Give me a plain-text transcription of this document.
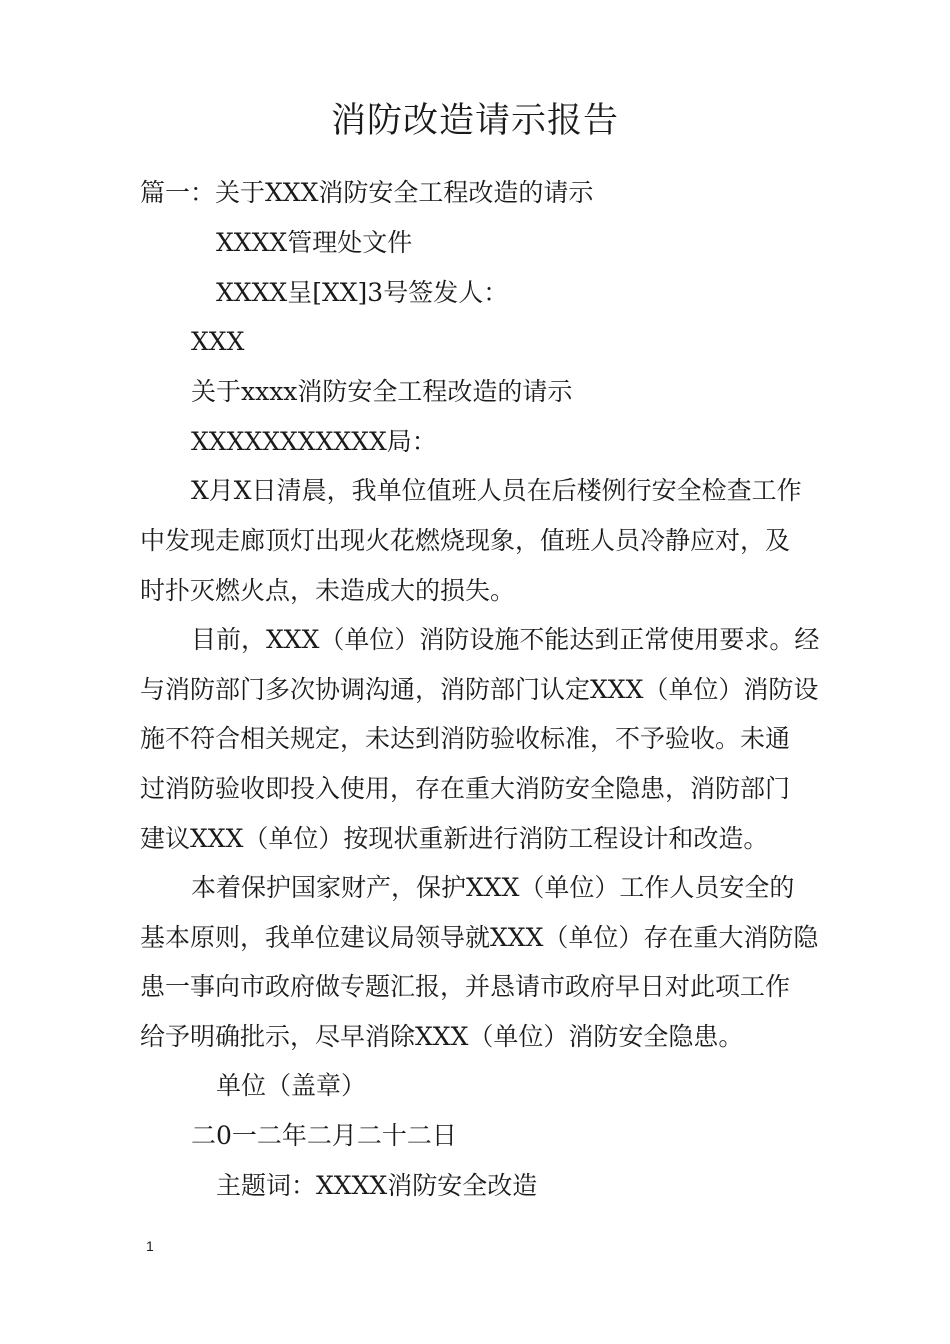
消防改造请示报告
篇一：关于XXX消防安全工程改造的请示
XXXX管理处文件
XXXX呈[XX]3号签发人：
XXX
关于xxxx消防安全工程改造的请示
XXXXXXXXXXX局：
X月X日清晨，我单位值班人员在后楼例行安全检查工作
中发现走廊顶灯出现火花燃烧现象，值班人员冷静应对，及
时扑灭燃火点，未造成大的损失。
目前，XXX（单位）消防设施不能达到正常使用要求。经
与消防部门多次协调沟通，消防部门认定XXX（单位）消防设
施不符合相关规定，未达到消防验收标准，不予验收。未通
过消防验收即投入使用，存在重大消防安全隐患，消防部门
建议XXX（单位）按现状重新进行消防工程设计和改造。
本着保护国家财产，保护XXX（单位）工作人员安全的
基本原则，我单位建议局领导就XXX（单位）存在重大消防隐
患一事向市政府做专题汇报，并恳请市政府早日对此项工作
给予明确批示，尽早消除XXX（单位）消防安全隐患。
单位（盖章）
二0一二年二月二十二日
主题词：XXXX消防安全改造
1
